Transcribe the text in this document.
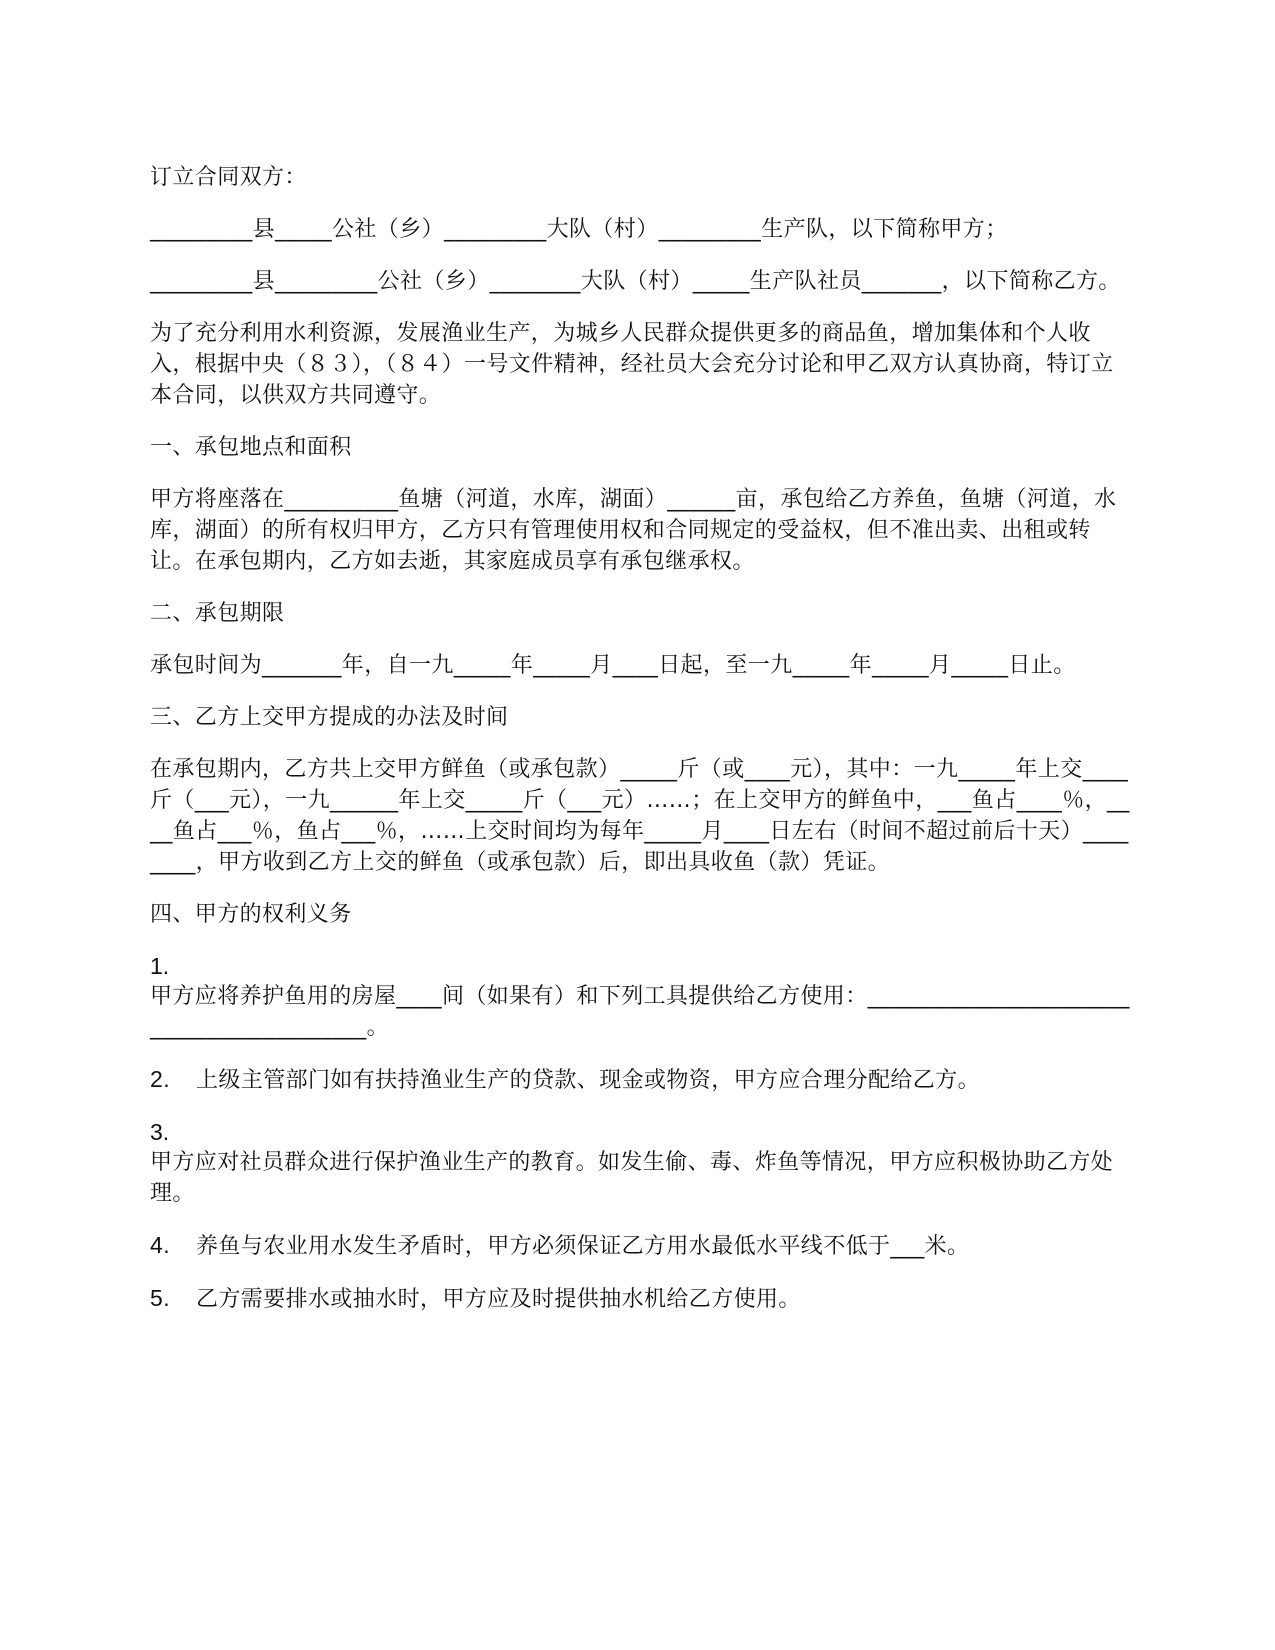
订立合同双方：

_________县_____公社（乡）_________大队（村）_________生产队，以下简称甲方；

_________县_________公社（乡）________大队（村）_____生产队社员_______，以下简称乙方。

为了充分利用水利资源，发展渔业生产，为城乡人民群众提供更多的商品鱼，增加集体和个人收入，根据中央（８３），（８４）一号文件精神，经社员大会充分讨论和甲乙双方认真协商，特订立本合同，以供双方共同遵守。

一、承包地点和面积

甲方将座落在__________鱼塘（河道，水库，湖面）______亩，承包给乙方养鱼，鱼塘（河道，水库，湖面）的所有权归甲方，乙方只有管理使用权和合同规定的受益权，但不准出卖、出租或转让。在承包期内，乙方如去逝，其家庭成员享有承包继承权。

二、承包期限

承包时间为_______年，自一九_____年_____月____日起，至一九_____年_____月_____日止。

三、乙方上交甲方提成的办法及时间

在承包期内，乙方共上交甲方鲜鱼（或承包款）_____斤（或____元），其中：一九_____年上交____斤（___元），一九______年上交_____斤（___元）……；在上交甲方的鲜鱼中，___鱼占____％，____鱼占___％，鱼占___％，……上交时间均为每年_____月____日左右（时间不超过前后十天）________，甲方收到乙方上交的鲜鱼（或承包款）后，即出具收鱼（款）凭证。

四、甲方的权利义务

1.

甲方应将养护鱼用的房屋____间（如果有）和下列工具提供给乙方使用：__________________________________________。

2. 上级主管部门如有扶持渔业生产的贷款、现金或物资，甲方应合理分配给乙方。

3.

甲方应对社员群众进行保护渔业生产的教育。如发生偷、毒、炸鱼等情况，甲方应积极协助乙方处理。

4. 养鱼与农业用水发生矛盾时，甲方必须保证乙方用水最低水平线不低于___米。

5. 乙方需要排水或抽水时，甲方应及时提供抽水机给乙方使用。
